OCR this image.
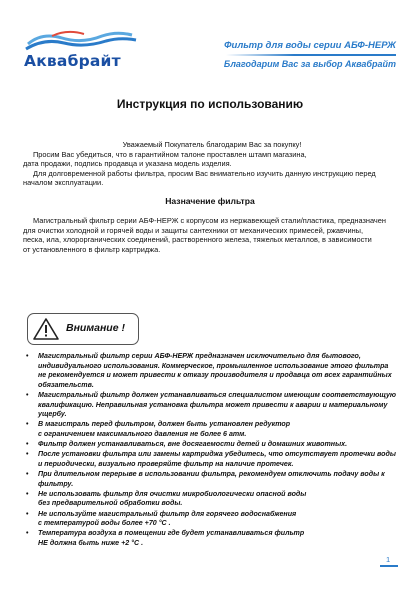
Аквабрайт
Фильтр для воды серии АБФ-НЕРЖ
Благодарим Вас за выбор Аквабрайт
Инструкция по использованию

Уважаемый Покупатель благодарим Вас за покупку!

Просим Вас убедиться, что в гарантийном талоне проставлен штамп магазина,

дата продажи, подпись продавца и указана модель изделия.

Для долговременной работы фильтра, просим Вас внимательно изучить данную инструкцию перед

началом эксплуатации.

Назначение фильтра

Магистральный фильтр серии АБФ-НЕРЖ с корпусом из нержавеющей стали/пластика, предназначен

для очистки холодной и горячей воды и защиты сантехники от механических примесей, ржавчины,

песка, ила, хлорорганических соединений, растворенного железа, тяжелых металлов, в зависимости

от установленного в фильтр картриджа.

Внимание !
• Магистральный фильтр серии АБФ-НЕРЖ предназначен исключительно для бытового,
индивидуального использования. Коммерческое, промышленное использование этого фильтра
не рекомендуется и может привести к отказу производителя и продавца от всех гарантийных
обязательств.
• Магистральный фильтр должен устанавливаться специалистом имеющим соответствующую
квалификацию. Неправильная установка фильтра может привести к аварии и материальному
ущербу.
• В магистраль перед фильтром, должен быть установлен редуктор
с ограничением максимального давления не более 6 атм.
• Фильтр должен устанавливаться, вне досягаемости детей и домашних животных.
• После установки фильтра или замены картриджа убедитесь, что отсутствует протечки воды
и периодически, визуально проверяйте фильтр на наличие протечек.
• При длительном перерыве в использовании фильтра, рекомендуем отключить подачу воды к
фильтру.
• Не использовать фильтр для очистки микробиологически опасной воды
без предварительной обработки воды.
• Не используйте магистральный фильтр для горячего водоснабжения
с температурой воды более +70 °С .
• Температура воздуха в помещении где будет устанавливаться фильтр
НЕ должна быть ниже +2 °С .
1
